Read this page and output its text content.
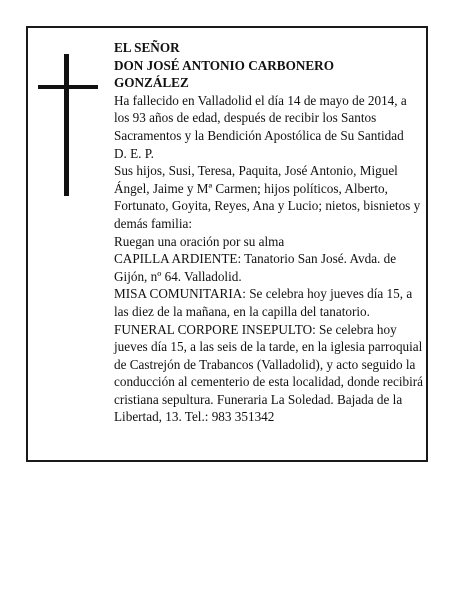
EL SEÑOR

DON JOSÉ ANTONIO CARBONERO

GONZÁLEZ

Ha fallecido en Valladolid el día 14 de mayo de 2014, a los 93 años de edad, después de recibir los Santos Sacramentos y la Bendición Apostólica de Su Santidad

D. E. P.

Sus hijos, Susi, Teresa, Paquita, José Antonio, Miguel Ángel, Jaime y Mª Carmen; hijos políticos, Alberto, Fortunato, Goyita, Reyes, Ana y Lucio; nietos, bisnietos y demás familia:

Ruegan una oración por su alma

CAPILLA ARDIENTE: Tanatorio San José. Avda. de Gijón, nº 64. Valladolid.

MISA COMUNITARIA: Se celebra hoy jueves día 15, a las diez de la mañana, en la capilla del tanatorio.

FUNERAL CORPORE INSEPULTO: Se celebra hoy jueves día 15, a las seis de la tarde, en la iglesia parroquial de Castrejón de Trabancos (Valladolid), y acto seguido la conducción al cementerio de esta localidad, donde recibirá cristiana sepultura. Funeraria La Soledad. Bajada de la Libertad, 13. Tel.: 983 351342
